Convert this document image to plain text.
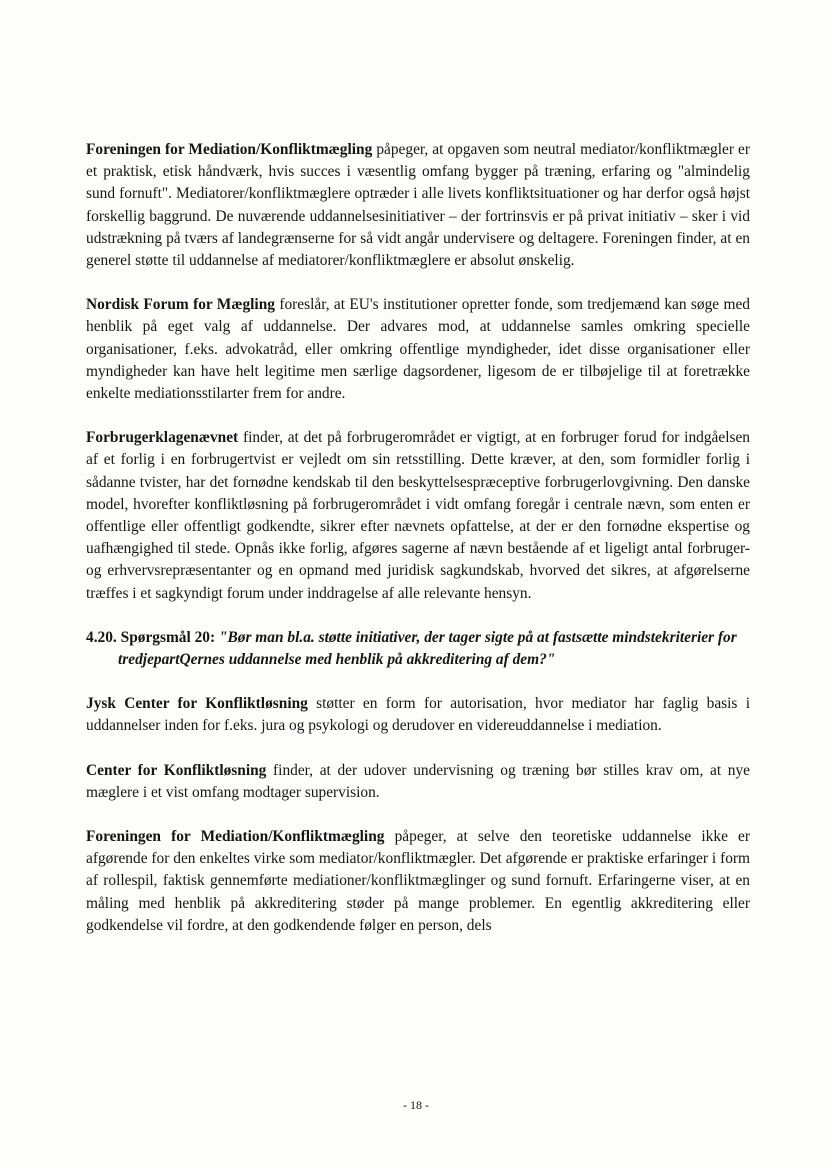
Foreningen for Mediation/Konfliktmægling påpeger, at opgaven som neutral mediator/konfliktmægler er et praktisk, etisk håndværk, hvis succes i væsentlig omfang bygger på træning, erfaring og "almindelig sund fornuft". Mediatorer/konfliktmæglere optræder i alle livets konfliktsituationer og har derfor også højst forskellig baggrund. De nuværende uddannelsesinitiativer – der fortrinsvis er på privat initiativ – sker i vid udstrækning på tværs af landegrænserne for så vidt angår undervisere og deltagere. Foreningen finder, at en generel støtte til uddannelse af mediatorer/konfliktmæglere er absolut ønskelig.

Nordisk Forum for Mægling foreslår, at EU's institutioner opretter fonde, som tredjemænd kan søge med henblik på eget valg af uddannelse. Der advares mod, at uddannelse samles omkring specielle organisationer, f.eks. advokatråd, eller omkring offentlige myndigheder, idet disse organisationer eller myndigheder kan have helt legitime men særlige dagsordener, ligesom de er tilbøjelige til at foretrække enkelte mediationsstilarter frem for andre.

Forbrugerklagenævnet finder, at det på forbrugerområdet er vigtigt, at en forbruger forud for indgåelsen af et forlig i en forbrugertvist er vejledt om sin retsstilling. Dette kræver, at den, som formidler forlig i sådanne tvister, har det fornødne kendskab til den beskyttelsespræceptive forbrugerlovgivning. Den danske model, hvorefter konfliktløsning på forbrugerområdet i vidt omfang foregår i centrale nævn, som enten er offentlige eller offentligt godkendte, sikrer efter nævnets opfattelse, at der er den fornødne ekspertise og uafhængighed til stede. Opnås ikke forlig, afgøres sagerne af nævn bestående af et ligeligt antal forbruger- og erhvervsrepræsentanter og en opmand med juridisk sagkundskab, hvorved det sikres, at afgørelserne træffes i et sagkyndigt forum under inddragelse af alle relevante hensyn.

4.20. Spørgsmål 20: "Bør man bl.a. støtte initiativer, der tager sigte på at fastsætte mindstekriterier for tredjepartQernes uddannelse med henblik på akkreditering af dem?"

Jysk Center for Konfliktløsning støtter en form for autorisation, hvor mediator har faglig basis i uddannelser inden for f.eks. jura og psykologi og derudover en videreuddannelse i mediation.

Center for Konfliktløsning finder, at der udover undervisning og træning bør stilles krav om, at nye mæglere i et vist omfang modtager supervision.

Foreningen for Mediation/Konfliktmægling påpeger, at selve den teoretiske uddannelse ikke er afgørende for den enkeltes virke som mediator/konfliktmægler. Det afgørende er praktiske erfaringer i form af rollespil, faktisk gennemførte mediationer/konfliktmæglinger og sund fornuft. Erfaringerne viser, at en måling med henblik på akkreditering støder på mange problemer. En egentlig akkreditering eller godkendelse vil fordre, at den godkendende følger en person, dels

- 18 -
